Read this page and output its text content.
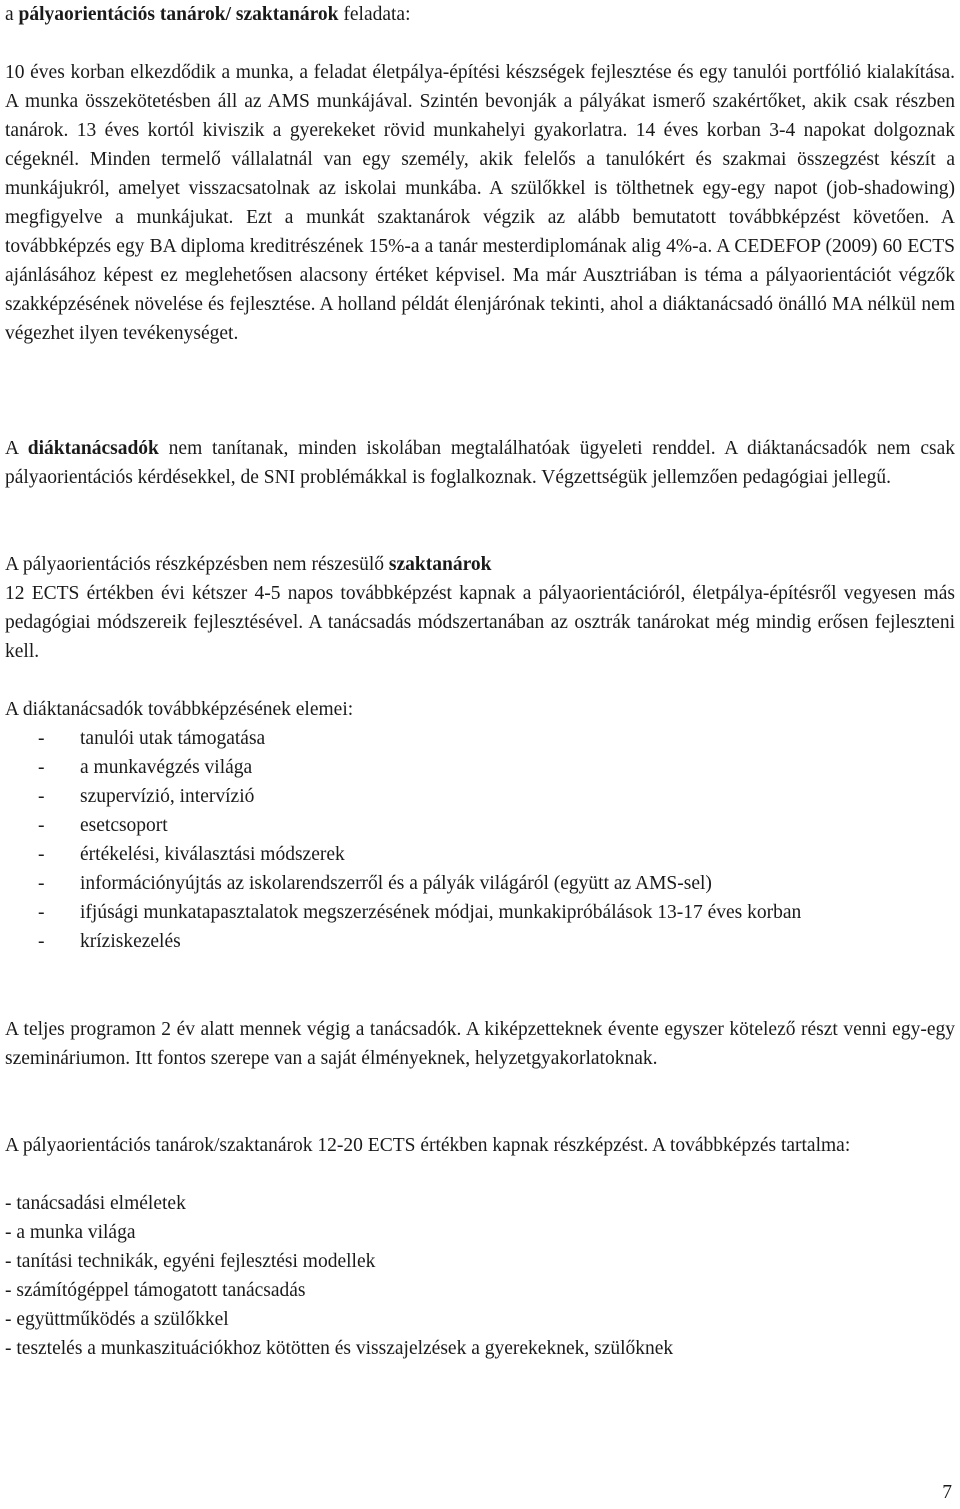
a pályaorientációs tanárok/ szaktanárok feladata:

10 éves korban elkezdődik a munka, a feladat életpálya-építési készségek fejlesztése és egy tanulói portfólió kialakítása. A munka összekötetésben áll az AMS munkájával. Szintén bevonják a pályákat ismerő szakértőket, akik csak részben tanárok. 13 éves kortól kiviszik a gyerekeket rövid munkahelyi gyakorlatra. 14 éves korban 3-4 napokat dolgoznak cégeknél. Minden termelő vállalatnál van egy személy, akik felelős a tanulókért és szakmai összegzést készít a munkájukról, amelyet visszacsatolnak az iskolai munkába. A szülőkkel is tölthetnek egy-egy napot (job-shadowing) megfigyelve a munkájukat. Ezt a munkát szaktanárok végzik az alább bemutatott továbbképzést követően. A továbbképzés egy BA diploma kreditrészének 15%-a a tanár mesterdiplomának alig 4%-a. A CEDEFOP (2009) 60 ECTS ajánlásához képest ez meglehetősen alacsony értéket képvisel. Ma már Ausztriában is téma a pályaorientációt végzők szakképzésének növelése és fejlesztése. A holland példát élenjárónak tekinti, ahol a diáktanácsadó önálló MA nélkül nem végezhet ilyen tevékenységet.

A diáktanácsadók nem tanítanak, minden iskolában megtalálhatóak ügyeleti renddel. A diáktanácsadók nem csak pályaorientációs kérdésekkel, de SNI problémákkal is foglalkoznak. Végzettségük jellemzően pedagógiai jellegű.

A pályaorientációs részképzésben nem részesülő szaktanárok

12 ECTS értékben évi kétszer 4-5 napos továbbképzést kapnak a pályaorientációról, életpálya-építésről vegyesen más pedagógiai módszereik fejlesztésével. A tanácsadás módszertanában az osztrák tanárokat még mindig erősen fejleszteni kell.

A diáktanácsadók továbbképzésének elemei:

- tanulói utak támogatása
- a munkavégzés világa
- szupervízió, intervízió
- esetcsoport
- értékelési, kiválasztási módszerek
- információnyújtás az iskolarendszerről és a pályák világáról (együtt az AMS-sel)
- ifjúsági munkatapasztalatok megszerzésének módjai, munkakipróbálások 13-17 éves korban
- kríziskezelés

A teljes programon 2 év alatt mennek végig a tanácsadók. A kiképzetteknek évente egyszer kötelező részt venni egy-egy szemináriumon. Itt fontos szerepe van a saját élményeknek, helyzetgyakorlatoknak.

A pályaorientációs tanárok/szaktanárok 12-20 ECTS értékben kapnak részképzést. A továbbképzés tartalma:

- tanácsadási elméletek
- a munka világa
- tanítási technikák, egyéni fejlesztési modellek
- számítógéppel támogatott tanácsadás
- együttműködés a szülőkkel
- tesztelés a munkaszituációkhoz kötötten és visszajelzések a gyerekeknek, szülőknek
7
